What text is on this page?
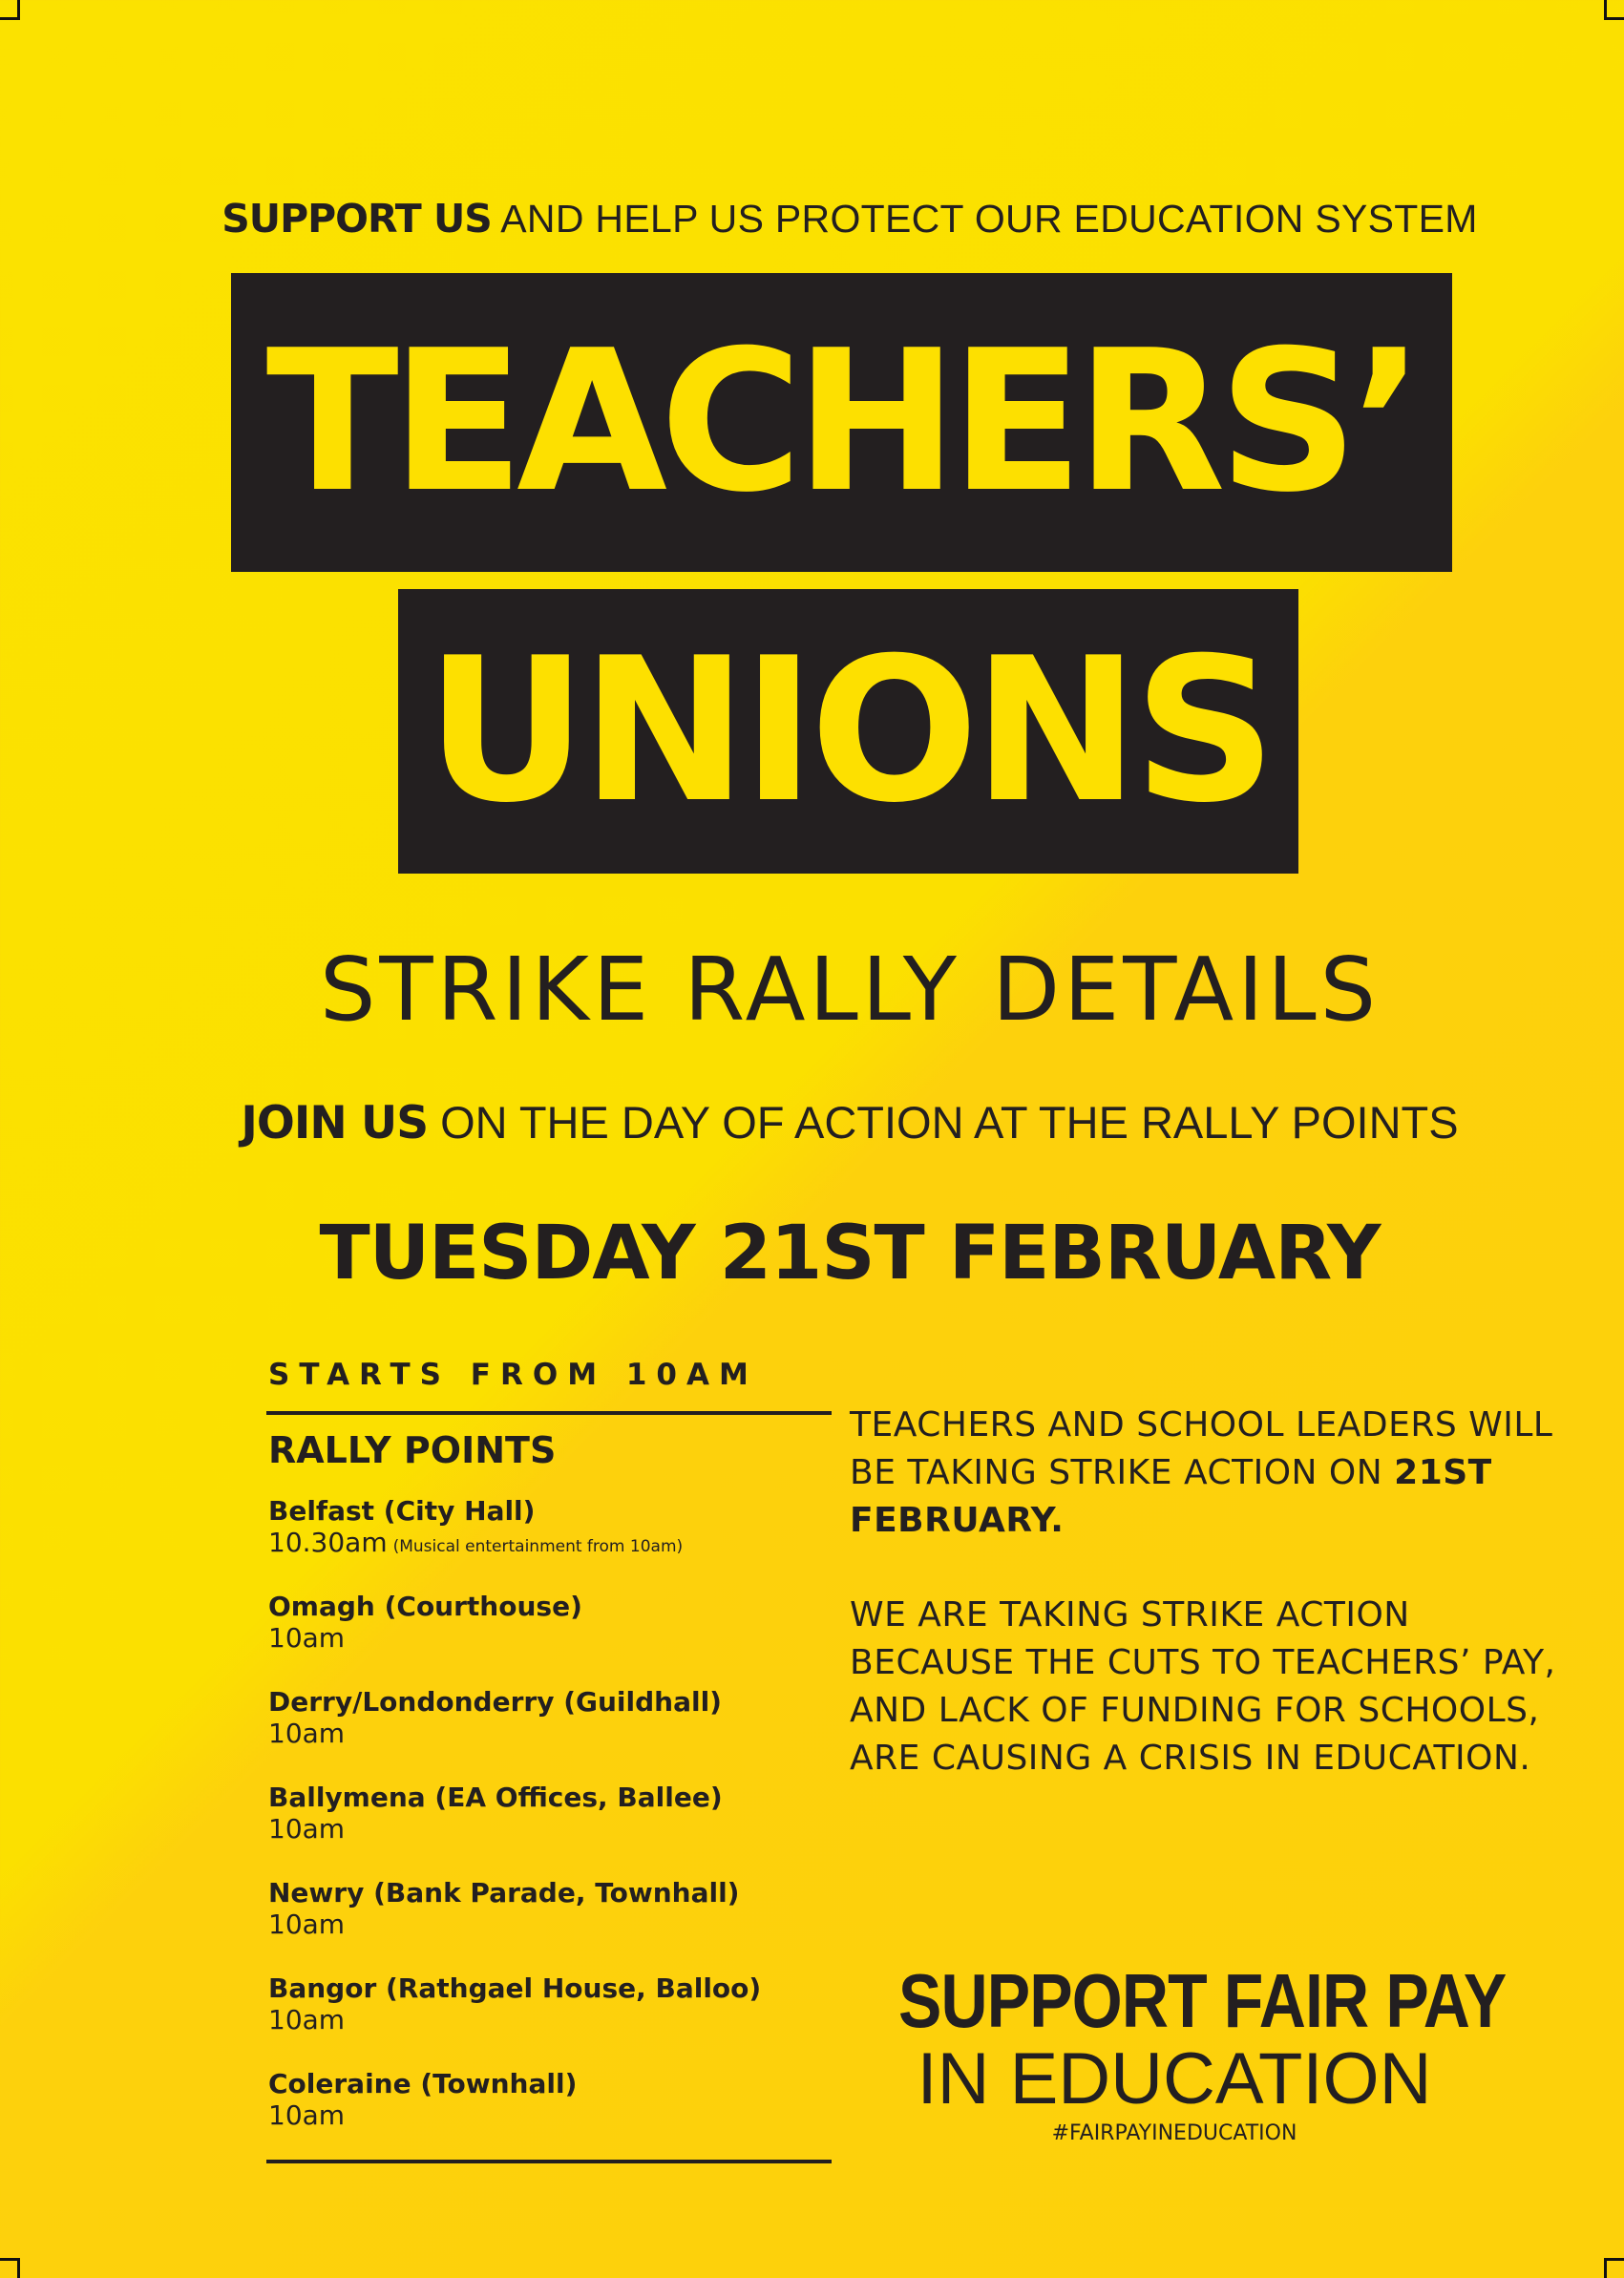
SUPPORT US AND HELP US PROTECT OUR EDUCATION SYSTEM
TEACHERS’
UNIONS
STRIKE RALLY DETAILS
JOIN US ON THE DAY OF ACTION AT THE RALLY POINTS
TUESDAY 21ST FEBRUARY
STARTS FROM 10AM
RALLY POINTS
Belfast (City Hall)
10.30am (Musical entertainment from 10am)
Omagh (Courthouse)
10am
Derry/Londonderry (Guildhall)
10am
Ballymena (EA Offices, Ballee)
10am
Newry (Bank Parade, Townhall)
10am
Bangor (Rathgael House, Balloo)
10am
Coleraine (Townhall)
10am
TEACHERS AND SCHOOL LEADERS WILL BE TAKING STRIKE ACTION ON 21ST FEBRUARY.
WE ARE TAKING STRIKE ACTION BECAUSE THE CUTS TO TEACHERS’ PAY, AND LACK OF FUNDING FOR SCHOOLS, ARE CAUSING A CRISIS IN EDUCATION.
SUPPORT FAIR PAY
IN EDUCATION
#FAIRPAYINEDUCATION
